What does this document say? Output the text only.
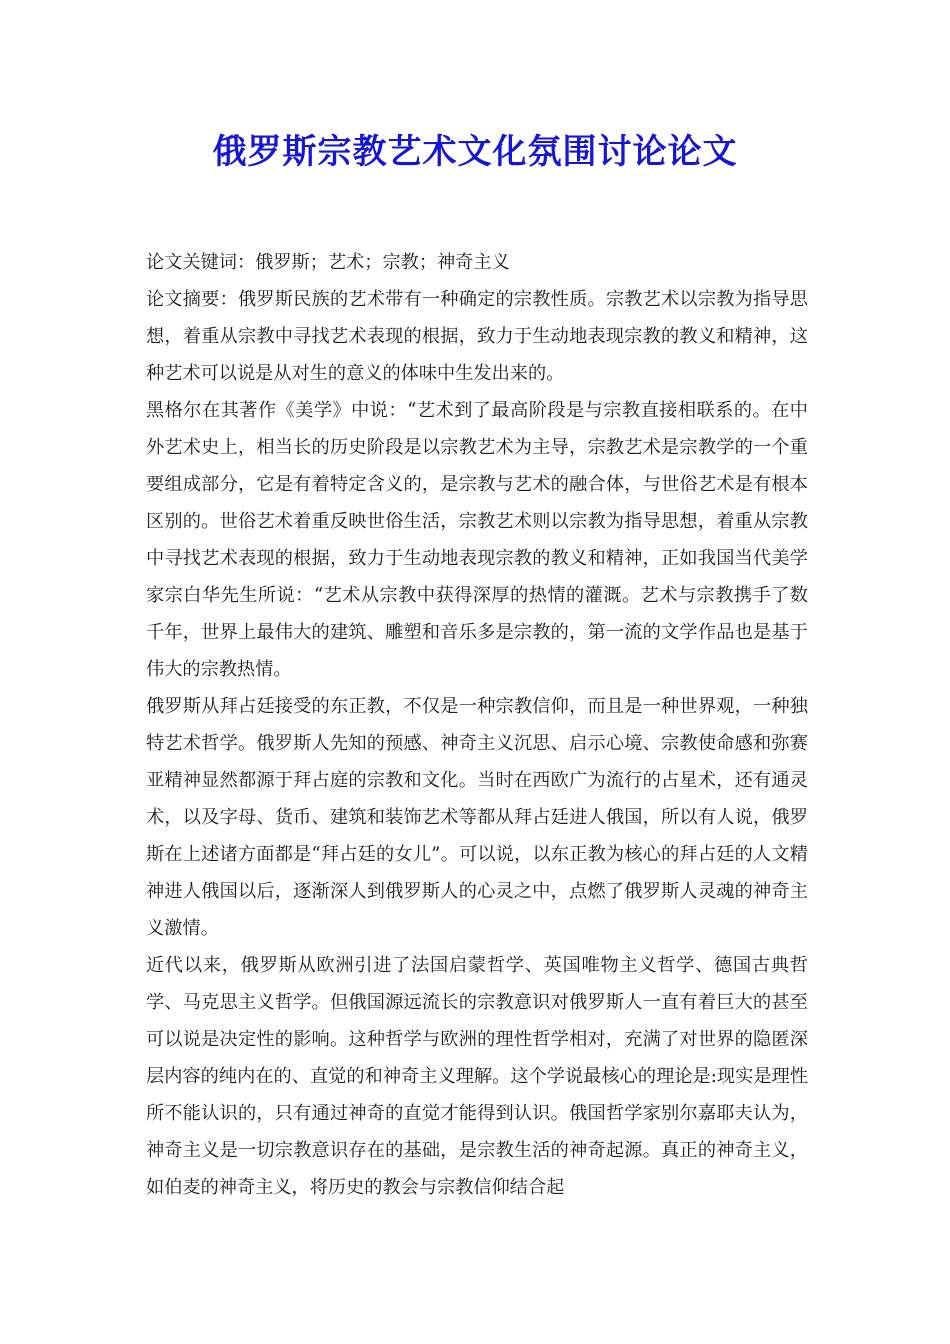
俄罗斯宗教艺术文化氛围讨论论文

论文关键词：俄罗斯；艺术；宗教；神奇主义

论文摘要：俄罗斯民族的艺术带有一种确定的宗教性质。宗教艺术以宗教为指导思想，着重从宗教中寻找艺术表现的根据，致力于生动地表现宗教的教义和精神，这种艺术可以说是从对生的意义的体味中生发出来的。

黑格尔在其著作《美学》中说：“艺术到了最高阶段是与宗教直接相联系的。在中外艺术史上，相当长的历史阶段是以宗教艺术为主导，宗教艺术是宗教学的一个重要组成部分，它是有着特定含义的，是宗教与艺术的融合体，与世俗艺术是有根本区别的。世俗艺术着重反映世俗生活，宗教艺术则以宗教为指导思想，着重从宗教中寻找艺术表现的根据，致力于生动地表现宗教的教义和精神，正如我国当代美学家宗白华先生所说：“艺术从宗教中获得深厚的热情的灌溉。艺术与宗教携手了数千年，世界上最伟大的建筑、雕塑和音乐多是宗教的，第一流的文学作品也是基于伟大的宗教热情。

俄罗斯从拜占廷接受的东正教，不仅是一种宗教信仰，而且是一种世界观，一种独特艺术哲学。俄罗斯人先知的预感、神奇主义沉思、启示心境、宗教使命感和弥赛亚精神显然都源于拜占庭的宗教和文化。当时在西欧广为流行的占星术，还有通灵术，以及字母、货币、建筑和装饰艺术等都从拜占廷进人俄国，所以有人说，俄罗斯在上述诸方面都是“拜占廷的女儿”。可以说，以东正教为核心的拜占廷的人文精神进人俄国以后，逐渐深人到俄罗斯人的心灵之中，点燃了俄罗斯人灵魂的神奇主义激情。

近代以来，俄罗斯从欧洲引进了法国启蒙哲学、英国唯物主义哲学、德国古典哲学、马克思主义哲学。但俄国源远流长的宗教意识对俄罗斯人一直有着巨大的甚至可以说是决定性的影响。这种哲学与欧洲的理性哲学相对，充满了对世界的隐匿深层内容的纯内在的、直觉的和神奇主义理解。这个学说最核心的理论是:现实是理性所不能认识的，只有通过神奇的直觉才能得到认识。俄国哲学家别尔嘉耶夫认为，神奇主义是一切宗教意识存在的基础，是宗教生活的神奇起源。真正的神奇主义，如伯麦的神奇主义，将历史的教会与宗教信仰结合起
